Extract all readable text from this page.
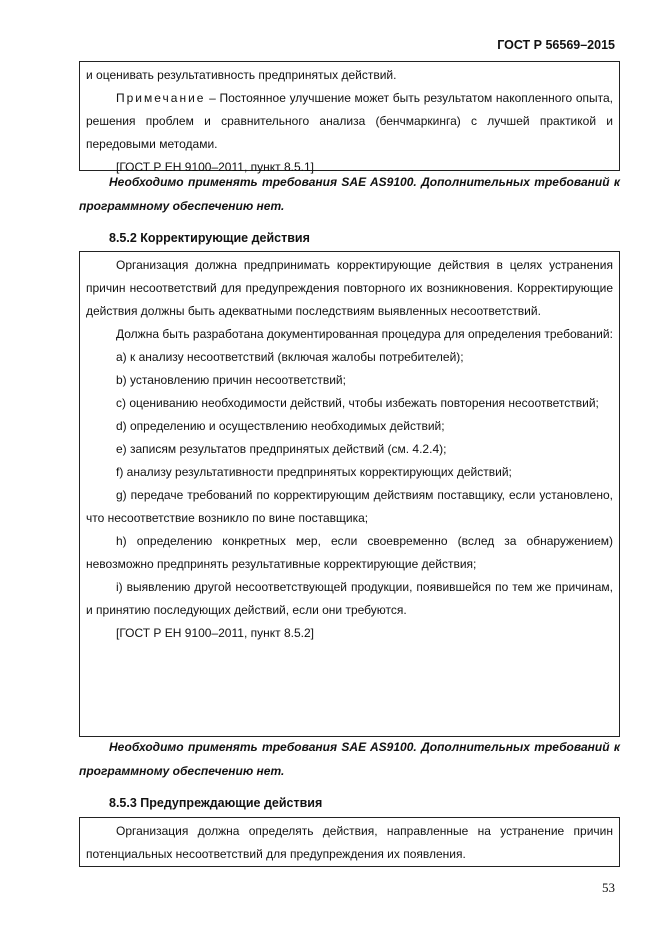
ГОСТ Р 56569–2015

и оценивать результативность предпринятых действий.

Примечание – Постоянное улучшение может быть результатом накопленного опыта, решения проблем и сравнительного анализа (бенчмаркинга) с лучшей практикой и передовыми методами.

[ГОСТ Р ЕН 9100–2011, пункт 8.5.1]

Необходимо применять требования SAE AS9100. Дополнительных требований к программному обеспечению нет.
8.5.2 Корректирующие действия

Организация должна предпринимать корректирующие действия в целях устранения причин несоответствий для предупреждения повторного их возникновения. Корректирующие действия должны быть адекватными последствиям выявленных несоответствий.

Должна быть разработана документированная процедура для определения требований:

а) к анализу несоответствий (включая жалобы потребителей);

b) установлению причин несоответствий;

c) оцениванию необходимости действий, чтобы избежать повторения несоответствий;

d) определению и осуществлению необходимых действий;

e) записям результатов предпринятых действий (см. 4.2.4);

f) анализу результативности предпринятых корректирующих действий;

g) передаче требований по корректирующим действиям поставщику, если установлено, что несоответствие возникло по вине поставщика;

h) определению конкретных мер, если своевременно (вслед за обнаружением) невозможно предпринять результативные корректирующие действия;

i) выявлению другой несоответствующей продукции, появившейся по тем же причинам, и принятию последующих действий, если они требуются.

[ГОСТ Р ЕН 9100–2011, пункт 8.5.2]

Необходимо применять требования SAE AS9100. Дополнительных требований к программному обеспечению нет.
8.5.3 Предупреждающие действия

Организация должна определять действия, направленные на устранение причин потенциальных несоответствий для предупреждения их появления.

53
